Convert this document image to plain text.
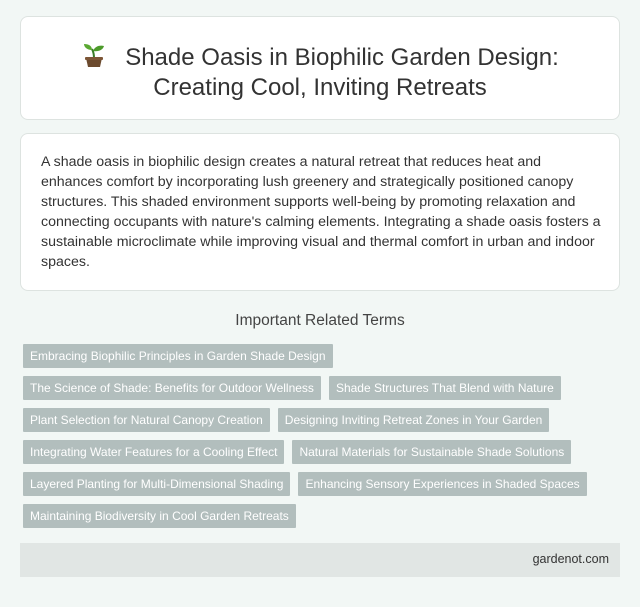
Shade Oasis in Biophilic Garden Design:
Creating Cool, Inviting Retreats

A shade oasis in biophilic design creates a natural retreat that reduces heat and enhances comfort by incorporating lush greenery and strategically positioned canopy structures. This shaded environment supports well-being by promoting relaxation and connecting occupants with nature's calming elements. Integrating a shade oasis fosters a sustainable microclimate while improving visual and thermal comfort in urban and indoor spaces.

Important Related Terms
Embracing Biophilic Principles in Garden Shade Design
The Science of Shade: Benefits for Outdoor Wellness	Shade Structures That Blend with Nature
Plant Selection for Natural Canopy Creation	Designing Inviting Retreat Zones in Your Garden
Integrating Water Features for a Cooling Effect	Natural Materials for Sustainable Shade Solutions
Layered Planting for Multi-Dimensional Shading	Enhancing Sensory Experiences in Shaded Spaces
Maintaining Biodiversity in Cool Garden Retreats
gardenot.com
